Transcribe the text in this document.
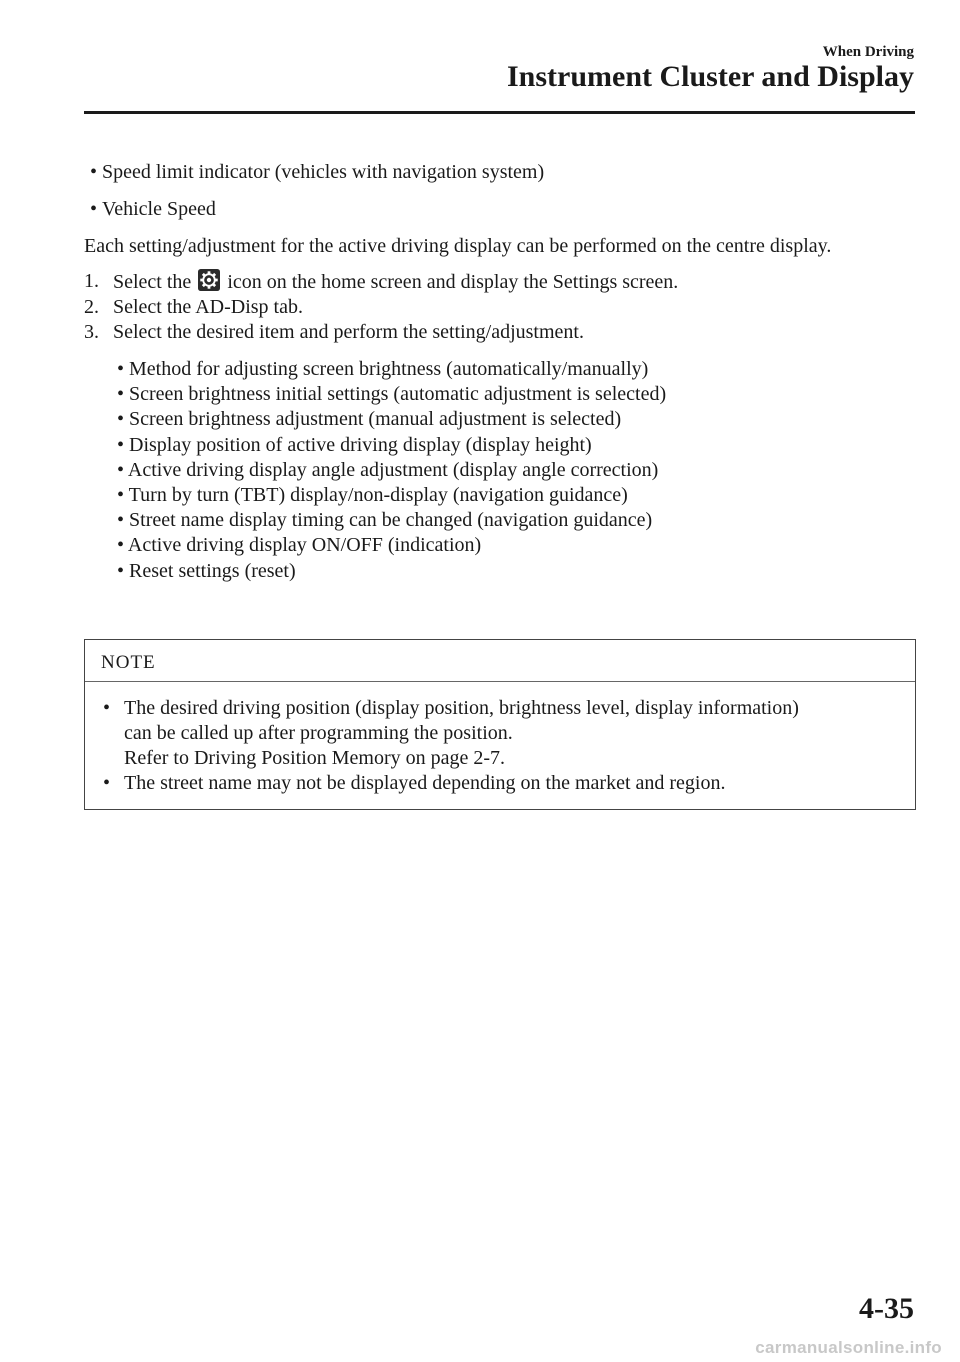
When Driving
Instrument Cluster and Display
• Speed limit indicator (vehicles with navigation system)
• Vehicle Speed

Each setting/adjustment for the active driving display can be performed on the centre display.

1. Select the icon on the home screen and display the Settings screen.
2. Select the AD-Disp tab.
3. Select the desired item and perform the setting/adjustment.
• Method for adjusting screen brightness (automatically/manually)
• Screen brightness initial settings (automatic adjustment is selected)
• Screen brightness adjustment (manual adjustment is selected)
• Display position of active driving display (display height)
• Active driving display angle adjustment (display angle correction)
• Turn by turn (TBT) display/non-display (navigation guidance)
• Street name display timing can be changed (navigation guidance)
• Active driving display ON/OFF (indication)
• Reset settings (reset)
NOTE
• The desired driving position (display position, brightness level, display information)
can be called up after programming the position.
Refer to Driving Position Memory on page 2-7.
• The street name may not be displayed depending on the market and region.
4-35
carmanualsonline.info
